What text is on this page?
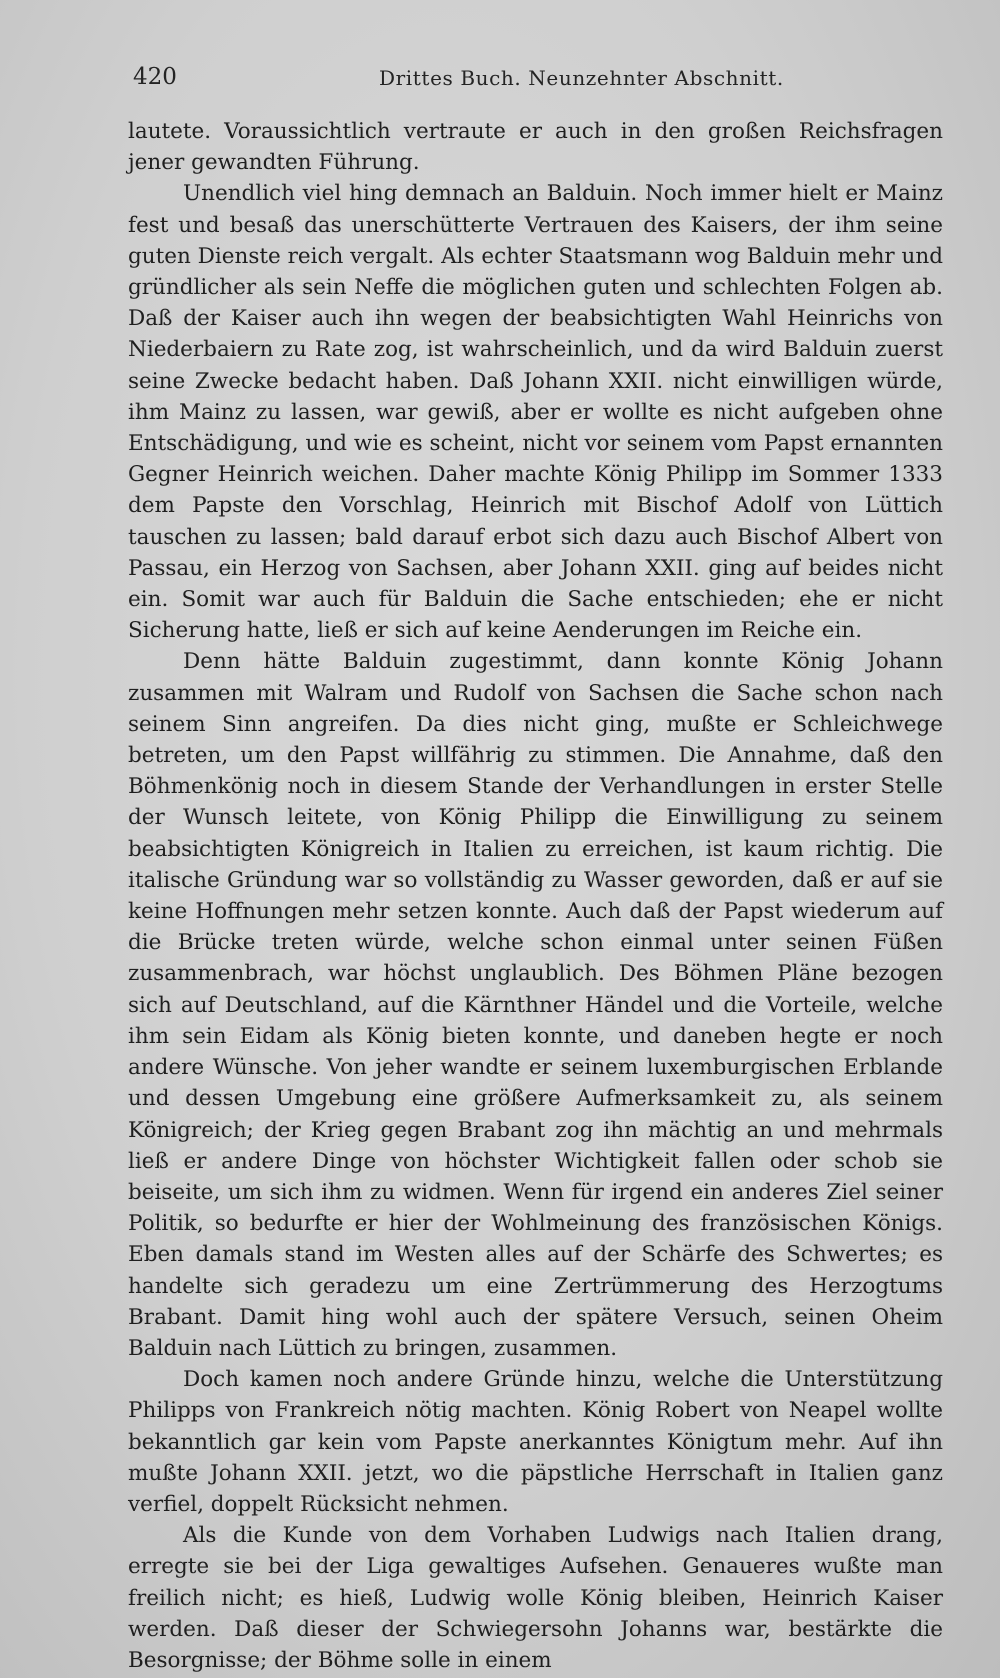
420	Drittes Buch. Neunzehnter Abschnitt.

lautete. Voraussichtlich vertraute er auch in den großen Reichsfragen jener gewandten Führung.

Unendlich viel hing demnach an Balduin. Noch immer hielt er Mainz fest und besaß das unerschütterte Vertrauen des Kaisers, der ihm seine guten Dienste reich vergalt. Als echter Staatsmann wog Balduin mehr und gründlicher als sein Neffe die möglichen guten und schlechten Folgen ab. Daß der Kaiser auch ihn wegen der beabsichtigten Wahl Heinrichs von Niederbaiern zu Rate zog, ist wahrscheinlich, und da wird Balduin zuerst seine Zwecke bedacht haben. Daß Johann XXII. nicht einwilligen würde, ihm Mainz zu lassen, war gewiß, aber er wollte es nicht aufgeben ohne Entschädigung, und wie es scheint, nicht vor seinem vom Papst ernannten Gegner Heinrich weichen. Daher machte König Philipp im Sommer 1333 dem Papste den Vorschlag, Heinrich mit Bischof Adolf von Lüttich tauschen zu lassen; bald darauf erbot sich dazu auch Bischof Albert von Passau, ein Herzog von Sachsen, aber Johann XXII. ging auf beides nicht ein. Somit war auch für Balduin die Sache entschieden; ehe er nicht Sicherung hatte, ließ er sich auf keine Aenderungen im Reiche ein.

Denn hätte Balduin zugestimmt, dann konnte König Johann zusammen mit Walram und Rudolf von Sachsen die Sache schon nach seinem Sinn angreifen. Da dies nicht ging, mußte er Schleichwege betreten, um den Papst willfährig zu stimmen. Die Annahme, daß den Böhmenkönig noch in diesem Stande der Verhandlungen in erster Stelle der Wunsch leitete, von König Philipp die Einwilligung zu seinem beabsichtigten Königreich in Italien zu erreichen, ist kaum richtig. Die italische Gründung war so vollständig zu Wasser geworden, daß er auf sie keine Hoffnungen mehr setzen konnte. Auch daß der Papst wiederum auf die Brücke treten würde, welche schon einmal unter seinen Füßen zusammenbrach, war höchst unglaublich. Des Böhmen Pläne bezogen sich auf Deutschland, auf die Kärnthner Händel und die Vorteile, welche ihm sein Eidam als König bieten konnte, und daneben hegte er noch andere Wünsche. Von jeher wandte er seinem luxemburgischen Erblande und dessen Umgebung eine größere Aufmerksamkeit zu, als seinem Königreich; der Krieg gegen Brabant zog ihn mächtig an und mehrmals ließ er andere Dinge von höchster Wichtigkeit fallen oder schob sie beiseite, um sich ihm zu widmen. Wenn für irgend ein anderes Ziel seiner Politik, so bedurfte er hier der Wohlmeinung des französischen Königs. Eben damals stand im Westen alles auf der Schärfe des Schwertes; es handelte sich geradezu um eine Zertrümmerung des Herzogtums Brabant. Damit hing wohl auch der spätere Versuch, seinen Oheim Balduin nach Lüttich zu bringen, zusammen.

Doch kamen noch andere Gründe hinzu, welche die Unterstützung Philipps von Frankreich nötig machten. König Robert von Neapel wollte bekanntlich gar kein vom Papste anerkanntes Königtum mehr. Auf ihn mußte Johann XXII. jetzt, wo die päpstliche Herrschaft in Italien ganz verfiel, doppelt Rücksicht nehmen.

Als die Kunde von dem Vorhaben Ludwigs nach Italien drang, erregte sie bei der Liga gewaltiges Aufsehen. Genaueres wußte man freilich nicht; es hieß, Ludwig wolle König bleiben, Heinrich Kaiser werden. Daß dieser der Schwiegersohn Johanns war, bestärkte die Besorgnisse; der Böhme solle in einem
